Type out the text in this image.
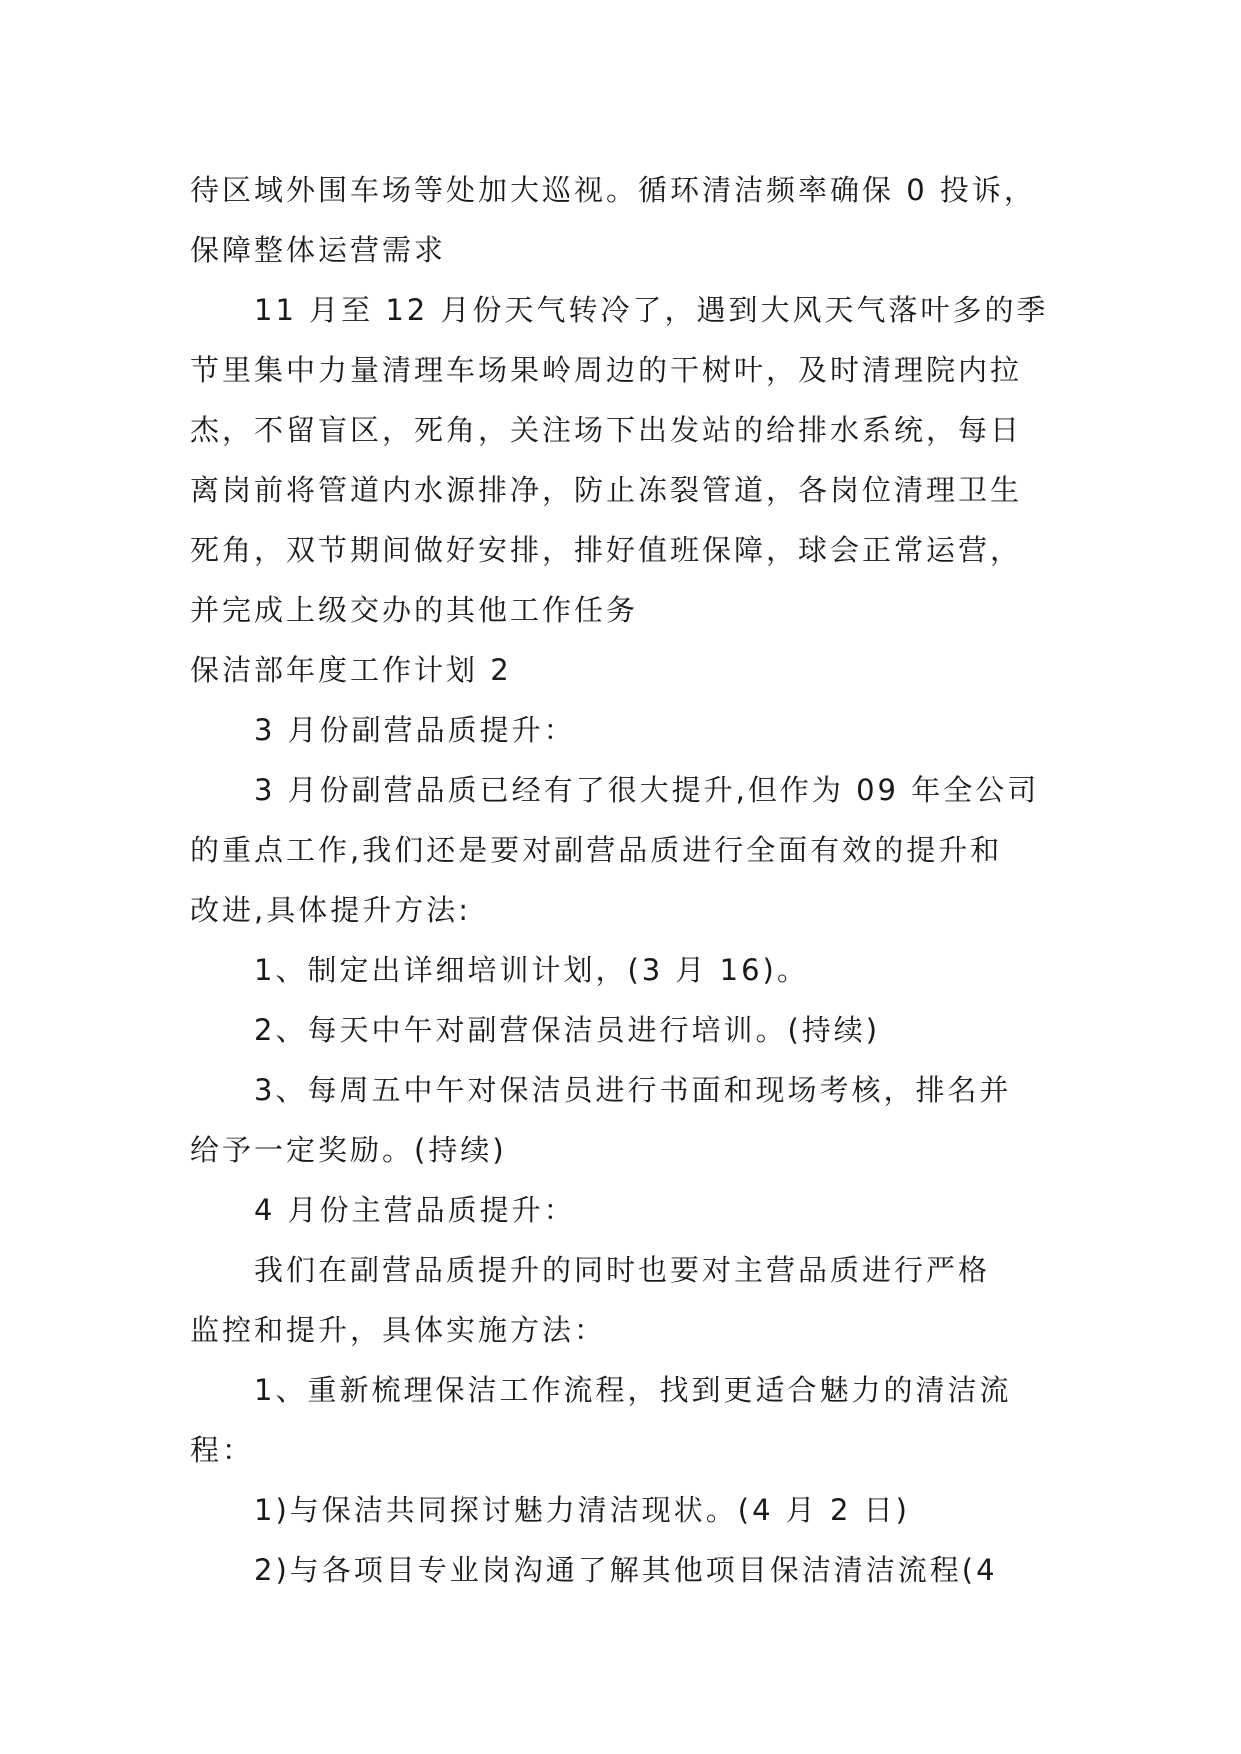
待区域外围车场等处加大巡视。循环清洁频率确保 0 投诉，
保障整体运营需求
11 月至 12 月份天气转冷了，遇到大风天气落叶多的季
节里集中力量清理车场果岭周边的干树叶，及时清理院内拉
杰，不留盲区，死角，关注场下出发站的给排水系统，每日
离岗前将管道内水源排净，防止冻裂管道，各岗位清理卫生
死角，双节期间做好安排，排好值班保障，球会正常运营，
并完成上级交办的其他工作任务
保洁部年度工作计划 2
3 月份副营品质提升：
3 月份副营品质已经有了很大提升,但作为 09 年全公司
的重点工作,我们还是要对副营品质进行全面有效的提升和
改进,具体提升方法:
1、制定出详细培训计划，(3 月 16)。
2、每天中午对副营保洁员进行培训。(持续)
3、每周五中午对保洁员进行书面和现场考核，排名并
给予一定奖励。(持续)
4 月份主营品质提升：
我们在副营品质提升的同时也要对主营品质进行严格
监控和提升，具体实施方法：
1、重新梳理保洁工作流程，找到更适合魅力的清洁流
程：
1)与保洁共同探讨魅力清洁现状。(4 月 2 日)
2)与各项目专业岗沟通了解其他项目保洁清洁流程(4
